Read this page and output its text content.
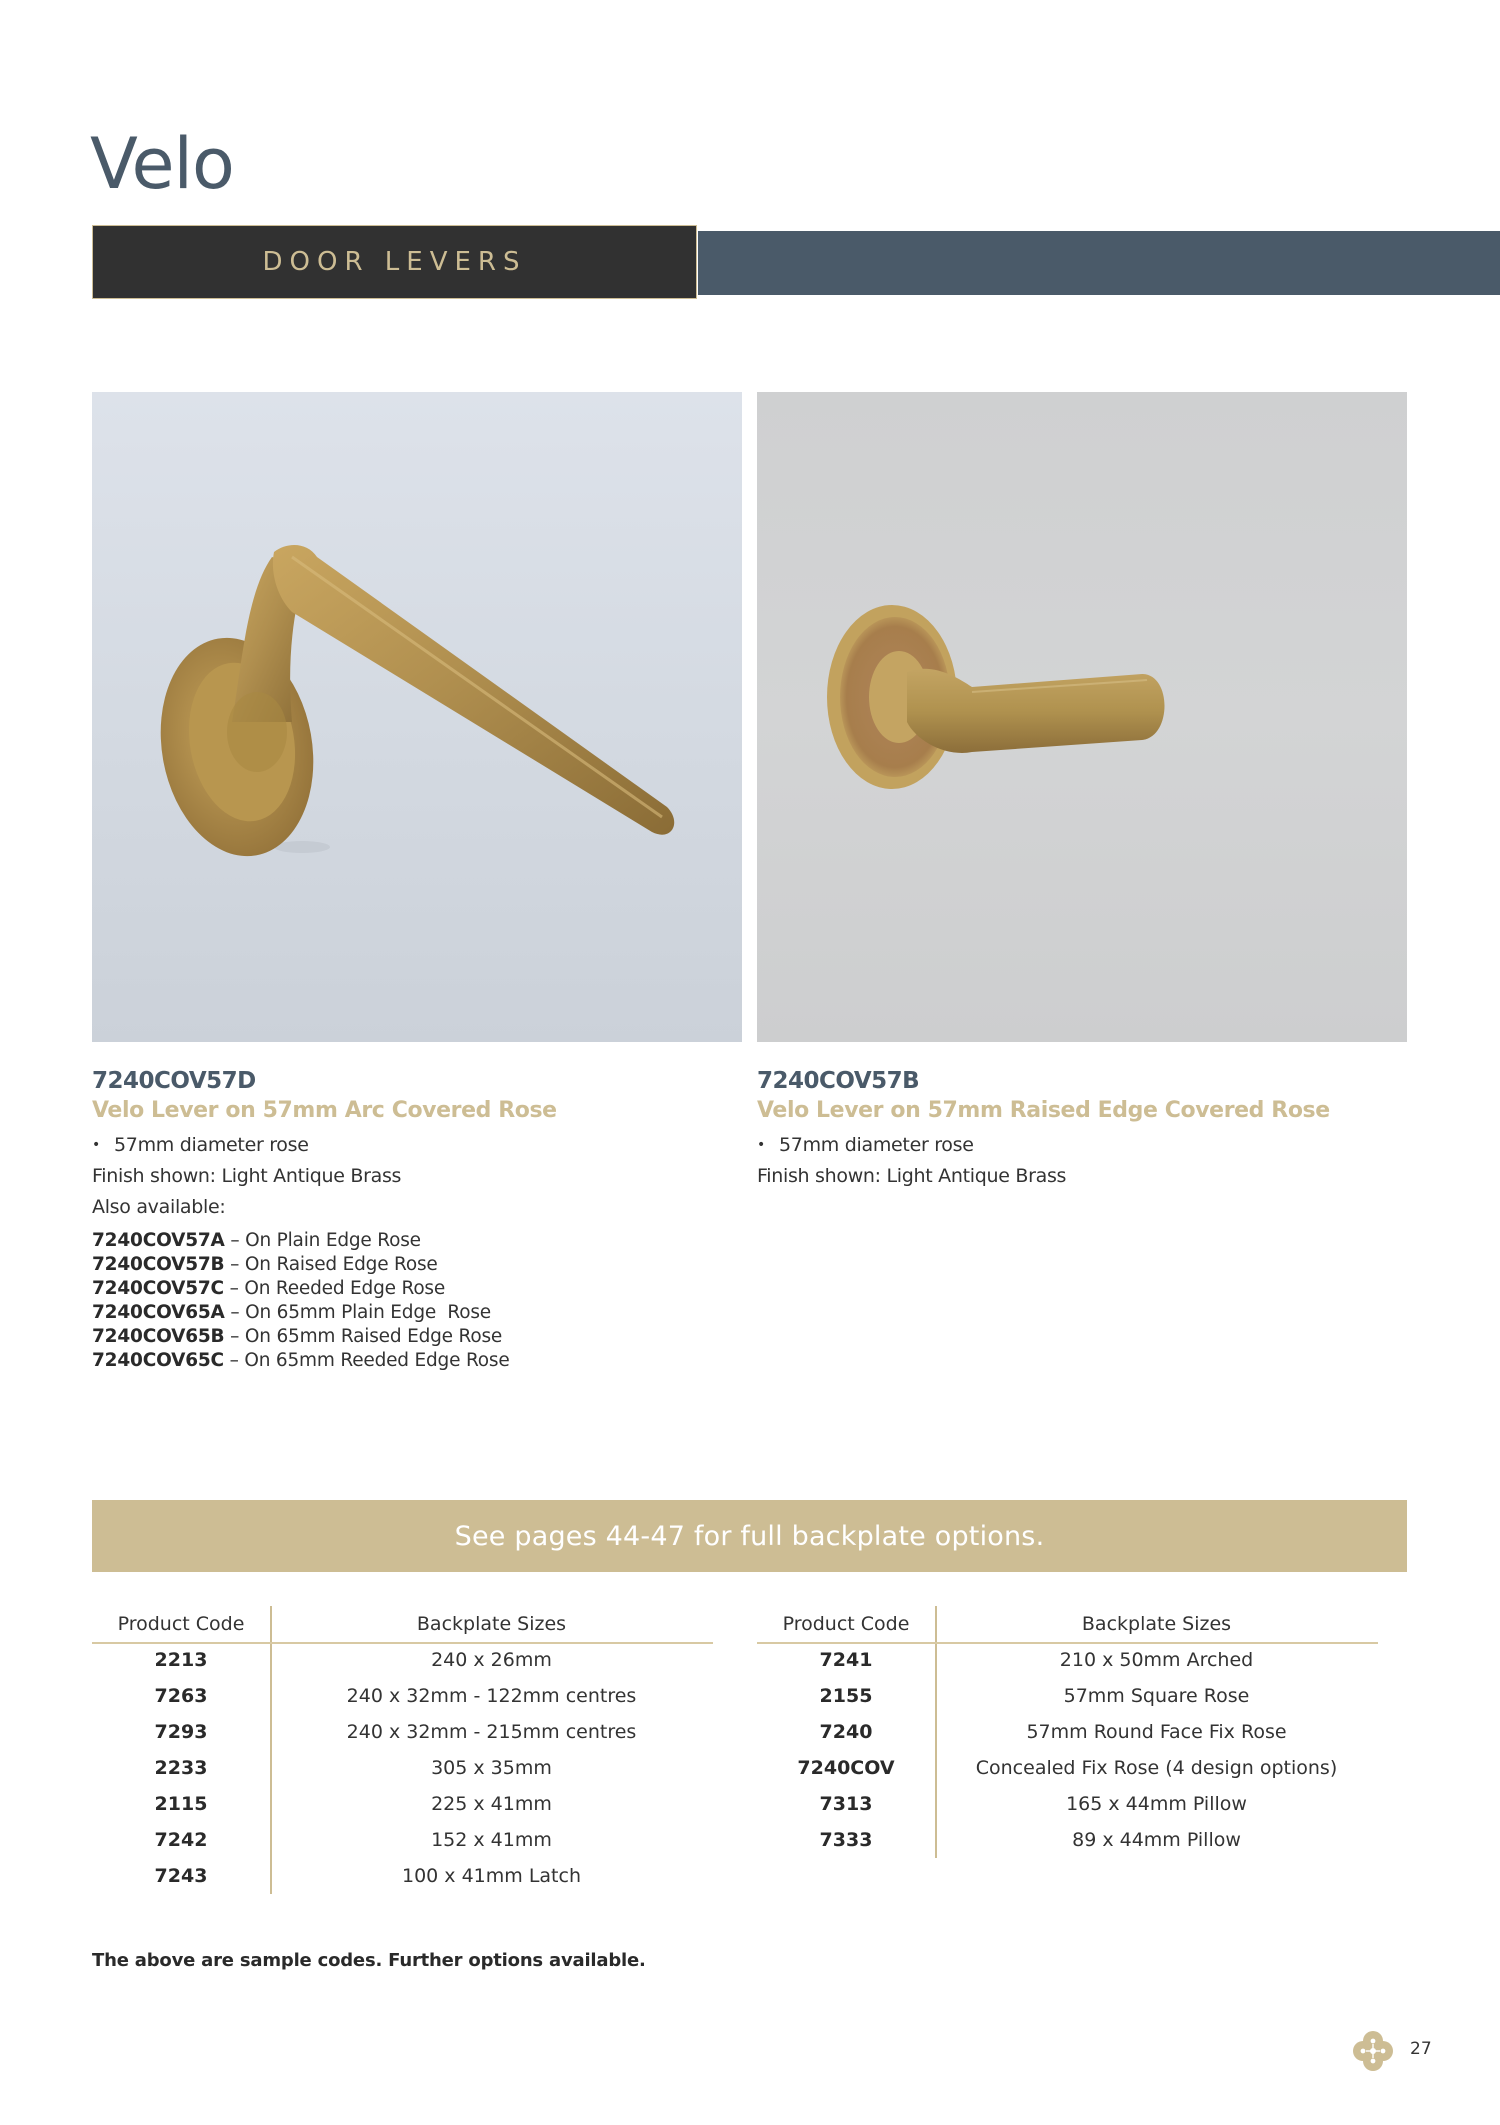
Velo
DOOR LEVERS
7240COV57D
Velo Lever on 57mm Arc Covered Rose
• 57mm diameter rose
Finish shown: Light Antique Brass
Also available:
7240COV57A – On Plain Edge Rose
7240COV57B – On Raised Edge Rose
7240COV57C – On Reeded Edge Rose
7240COV65A – On 65mm Plain Edge  Rose
7240COV65B – On 65mm Raised Edge Rose
7240COV65C – On 65mm Reeded Edge Rose
7240COV57B
Velo Lever on 57mm Raised Edge Covered Rose
• 57mm diameter rose
Finish shown: Light Antique Brass
See pages 44-47 for full backplate options.
Product Code	Backplate Sizes
2213	240 x 26mm
7263	240 x 32mm - 122mm centres
7293	240 x 32mm - 215mm centres
2233	305 x 35mm
2115	225 x 41mm
7242	152 x 41mm
7243	100 x 41mm Latch
Product Code	Backplate Sizes
7241	210 x 50mm Arched
2155	57mm Square Rose
7240	57mm Round Face Fix Rose
7240COV	Concealed Fix Rose (4 design options)
7313	165 x 44mm Pillow
7333	89 x 44mm Pillow
The above are sample codes. Further options available.
27
